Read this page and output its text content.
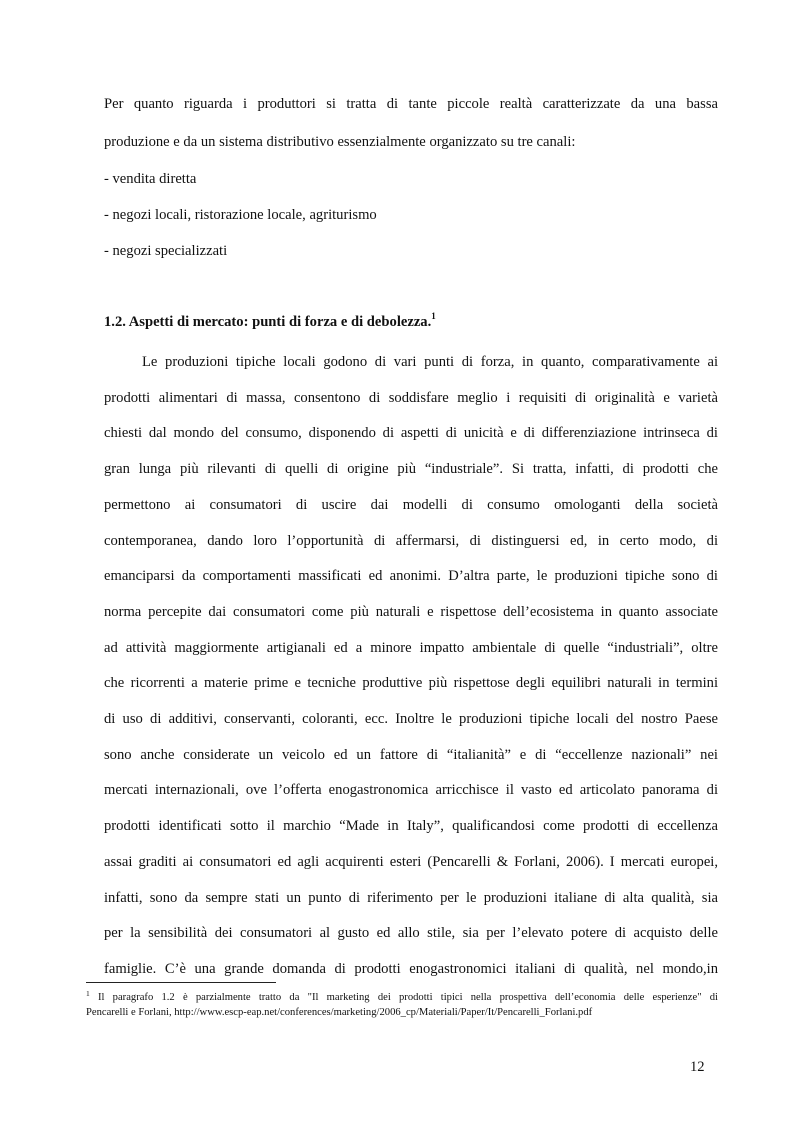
Per quanto riguarda i produttori si tratta di tante piccole realtà caratterizzate da una bassa
produzione e da un sistema distributivo essenzialmente organizzato su tre canali:
- vendita diretta
- negozi locali, ristorazione locale, agriturismo
- negozi specializzati
1.2. Aspetti di mercato: punti di forza e di debolezza.$^1$
Le produzioni tipiche locali godono di vari punti di forza, in quanto, comparativamente ai
prodotti alimentari di massa, consentono di soddisfare meglio i requisiti di originalità e varietà
chiesti dal mondo del consumo, disponendo di aspetti di unicità e di differenziazione intrinseca di
gran lunga più rilevanti di quelli di origine più “industriale”. Si tratta, infatti, di prodotti che
permettono ai consumatori di uscire dai modelli di consumo omologanti della società
contemporanea, dando loro l’opportunità di affermarsi, di distinguersi ed, in certo modo, di
emanciparsi da comportamenti massificati ed anonimi. D’altra parte, le produzioni tipiche sono di
norma percepite dai consumatori come più naturali e rispettose dell’ecosistema in quanto associate
ad attività maggiormente artigianali ed a minore impatto ambientale di quelle “industriali”, oltre
che ricorrenti a materie prime e tecniche produttive più rispettose degli equilibri naturali in termini
di uso di additivi, conservanti, coloranti, ecc. Inoltre le produzioni tipiche locali del nostro Paese
sono anche considerate un veicolo ed un fattore di “italianità” e di “eccellenze nazionali” nei
mercati internazionali, ove l’offerta enogastronomica arricchisce il vasto ed articolato panorama di
prodotti identificati sotto il marchio “Made in Italy”, qualificandosi come prodotti di eccellenza
assai graditi ai consumatori ed agli acquirenti esteri (Pencarelli & Forlani, 2006). I mercati europei,
infatti, sono da sempre stati un punto di riferimento per le produzioni italiane di alta qualità, sia
per la sensibilità dei consumatori al gusto ed allo stile, sia per l’elevato potere di acquisto delle
famiglie. C’è una grande domanda di prodotti enogastronomici italiani di qualità, nel mondo,in
$^1$ Il paragrafo 1.2 è parzialmente tratto da "Il marketing dei prodotti tipici nella prospettiva dell’economia delle esperienze" di
Pencarelli e Forlani, http://www.escp-eap.net/conferences/marketing/2006_cp/Materiali/Paper/It/Pencarelli_Forlani.pdf
12
